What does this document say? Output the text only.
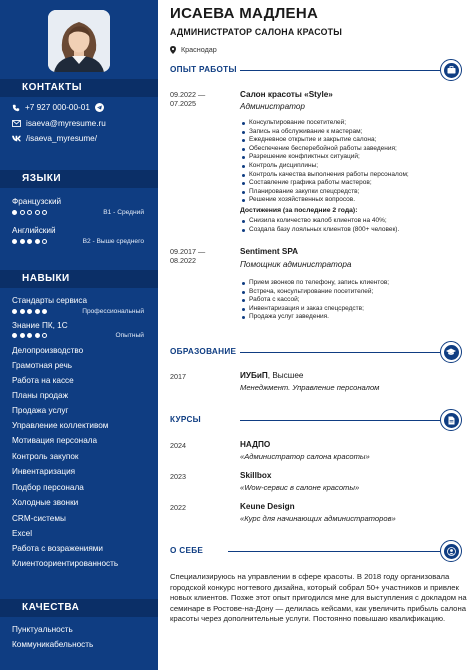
КОНТАКТЫ
+7 927 000-00-01
isaeva@myresume.ru
/isaeva_myresume/
ЯЗЫКИ
Французский
B1 - Средний
Английский
B2 - Выше среднего
НАВЫКИ
Стандарты сервиса
Профессиональный
Знание ПК, 1С
Опытный
Делопроизводство
Грамотная речь
Работа на кассе
Планы продаж
Продажа услуг
Управление коллективом
Мотивация персонала
Контроль закупок
Инвентаризация
Подбор персонала
Холодные звонки
CRM-системы
Excel
Работа с возражениями
Клиентоориентированность
КАЧЕСТВА
Пунктуальность
Коммуникабельность
ИСАЕВА МАДЛЕНА
АДМИНИСТРАТОР САЛОНА КРАСОТЫ
Краснодар
ОПЫТ РАБОТЫ
09.2022 —
07.2025
Салон красоты «Style»
Администратор
Консультирование посетителей;
Запись на обслуживание к мастерам;
Ежедневное открытие и закрытие салона;
Обеспечение бесперебойной работы заведения;
Разрешение конфликтных ситуаций;
Контроль дисциплины;
Контроль качества выполнения работы персоналом;
Составление графика работы мастеров;
Планирование закупки спецсредств;
Решение хозяйственных вопросов.
Достижения (за последние 2 года):
Снизила количество жалоб клиентов на 40%;
Создала базу лояльных клиентов (800+ человек).
09.2017 —
08.2022
Sentiment SPA
Помощник администратора
Прием звонков по телефону, запись клиентов;
Встреча, консультирование посетителей;
Работа с кассой;
Инвентаризация и заказ спецсредств;
Продажа услуг заведения.
ОБРАЗОВАНИЕ
2017	ИУБиП, Высшее
Менеджмент. Управление персоналом
КУРСЫ
2024	НАДПО
«Администратор салона красоты»
2023	Skillbox
«Wow-сервис в салоне красоты»
2022	Keune Design
«Курс для начинающих администраторов»
О СЕБЕ
Специализируюсь на управлении в сфере красоты. В 2018 году организовала городской конкурс ногтевого дизайна, который собрал 50+ участников и привлек новых клиентов. Позже этот опыт пригодился мне для выступления с докладом на семинаре в Ростове-на-Дону — делилась кейсами, как увеличить прибыль салона красоты через дополнительные услуги. Постоянно повышаю квалификацию.
